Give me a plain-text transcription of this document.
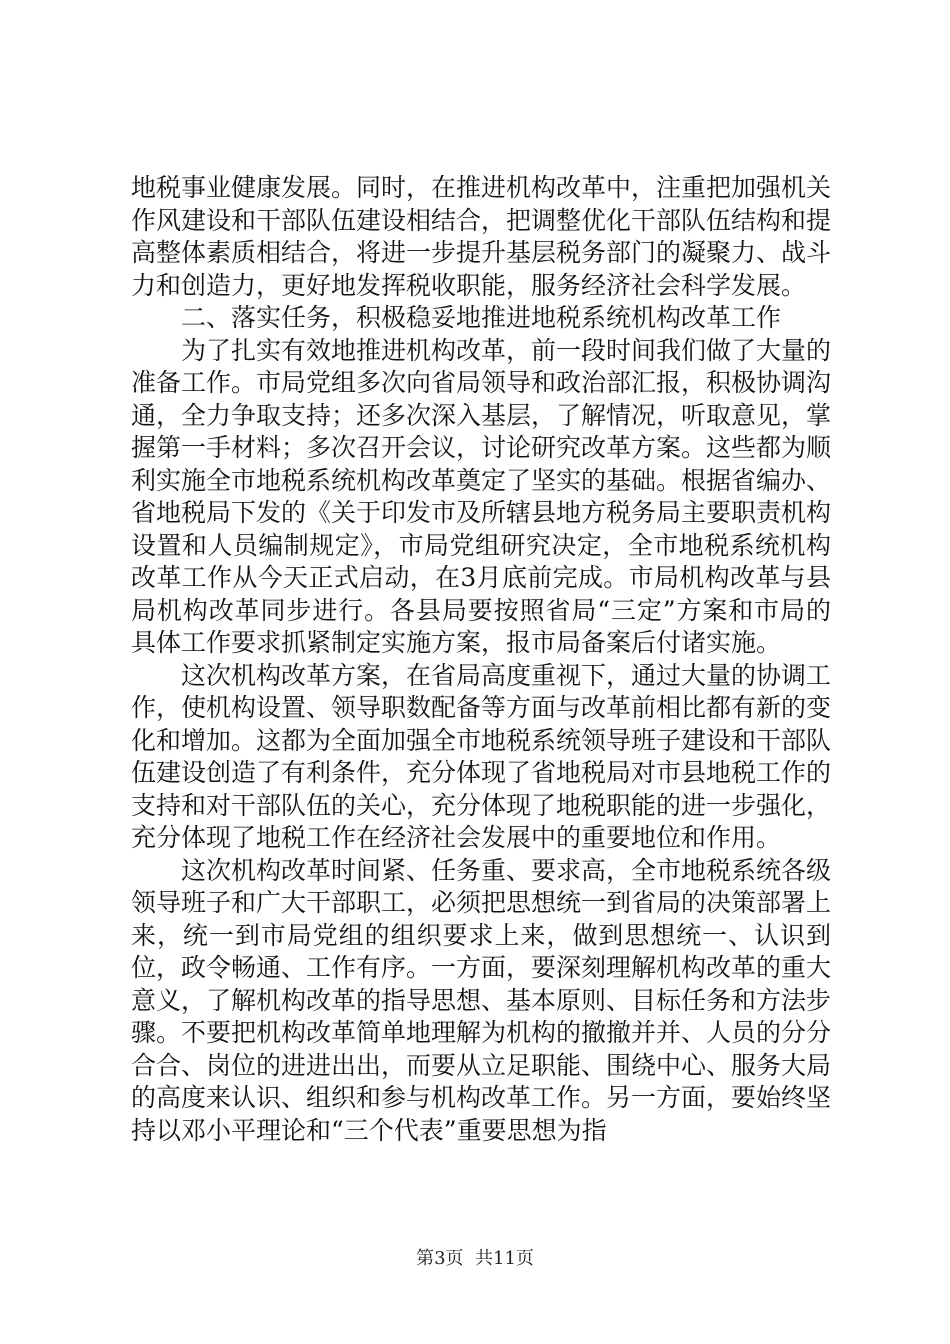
地税事业健康发展。同时，在推进机构改革中，注重把加强机关作风建设和干部队伍建设相结合，把调整优化干部队伍结构和提高整体素质相结合，将进一步提升基层税务部门的凝聚力、战斗力和创造力，更好地发挥税收职能，服务经济社会科学发展。

二、落实任务，积极稳妥地推进地税系统机构改革工作

为了扎实有效地推进机构改革，前一段时间我们做了大量的准备工作。市局党组多次向省局领导和政治部汇报，积极协调沟通，全力争取支持；还多次深入基层，了解情况，听取意见，掌握第一手材料；多次召开会议，讨论研究改革方案。这些都为顺利实施全市地税系统机构改革奠定了坚实的基础。根据省编办、省地税局下发的《关于印发市及所辖县地方税务局主要职责机构设置和人员编制规定》，市局党组研究决定，全市地税系统机构改革工作从今天正式启动，在3月底前完成。市局机构改革与县局机构改革同步进行。各县局要按照省局“三定”方案和市局的具体工作要求抓紧制定实施方案，报市局备案后付诸实施。

这次机构改革方案，在省局高度重视下，通过大量的协调工作，使机构设置、领导职数配备等方面与改革前相比都有新的变化和增加。这都为全面加强全市地税系统领导班子建设和干部队伍建设创造了有利条件，充分体现了省地税局对市县地税工作的支持和对干部队伍的关心，充分体现了地税职能的进一步强化，充分体现了地税工作在经济社会发展中的重要地位和作用。

这次机构改革时间紧、任务重、要求高，全市地税系统各级领导班子和广大干部职工，必须把思想统一到省局的决策部署上来，统一到市局党组的组织要求上来，做到思想统一、认识到位，政令畅通、工作有序。一方面，要深刻理解机构改革的重大意义，了解机构改革的指导思想、基本原则、目标任务和方法步骤。不要把机构改革简单地理解为机构的撤撤并并、人员的分分合合、岗位的进进出出，而要从立足职能、围绕中心、服务大局的高度来认识、组织和参与机构改革工作。另一方面，要始终坚持以邓小平理论和“三个代表”重要思想为指

第3页  共11页
